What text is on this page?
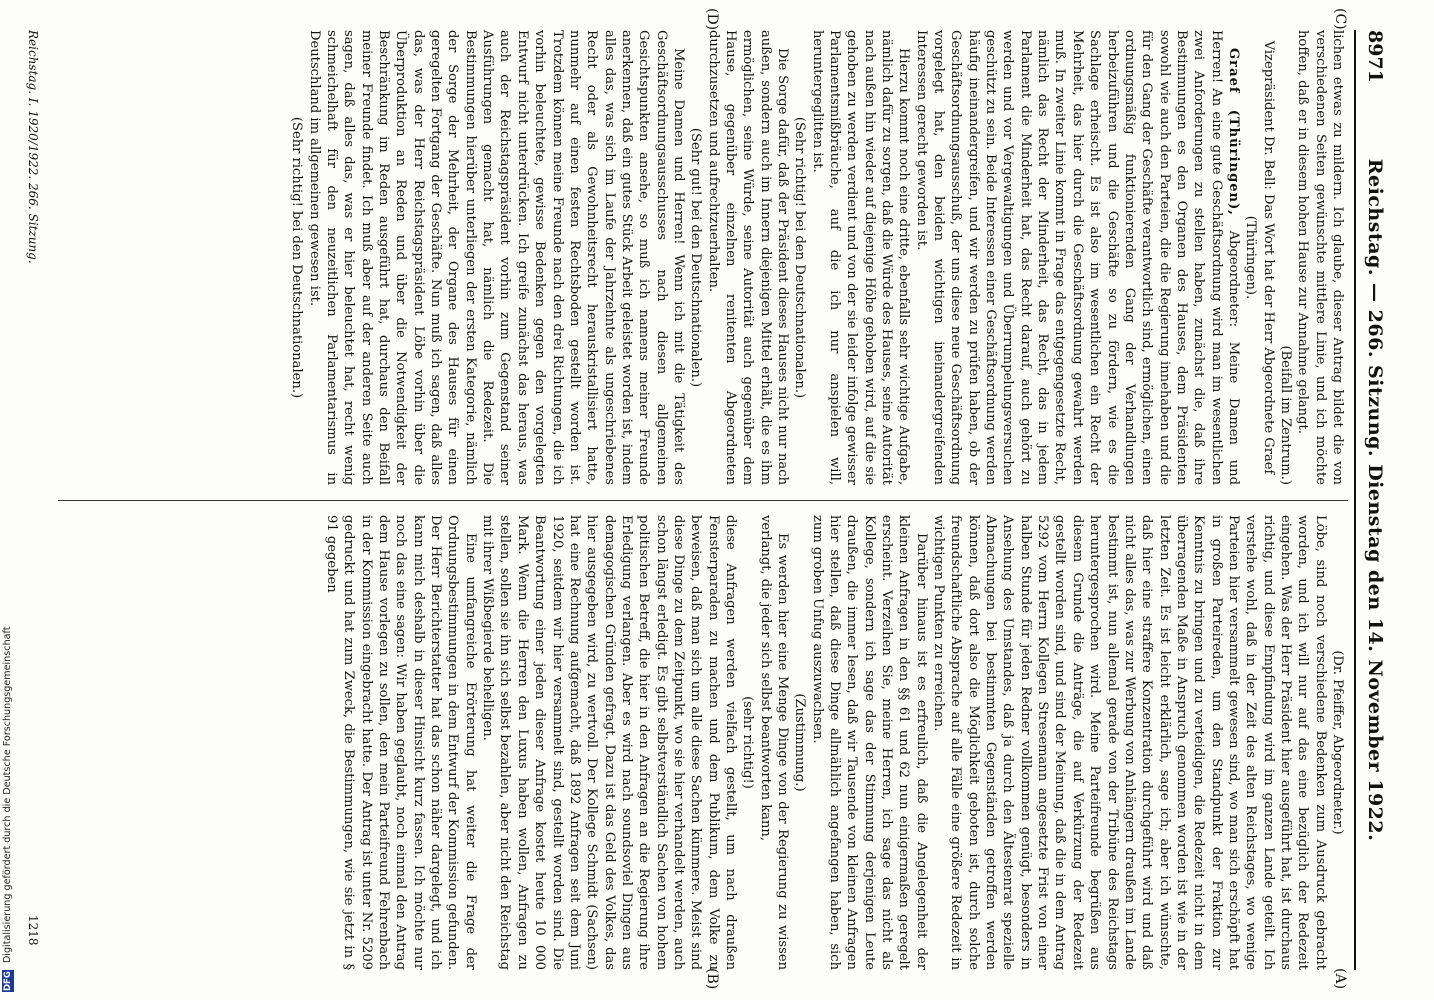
8971
Reichstag. — 266. Sitzung. Dienstag den 14. November 1922.
(C)
(A)
(D)
(B)

lichen etwas zu mildern. Ich glaube, dieser Antrag bildet die von verschiedenen Seiten gewünschte mittlere Linie, und ich möchte hoffen, daß er in diesem hohen Hause zur Annahme gelangt.

(Beifall im Zentrum.)

Vizepräsident Dr. Bell: Das Wort hat der Herr Abgeordnete Graef (Thüringen).

Graef (Thüringen), Abgeordneter: Meine Damen und Herren! An eine gute Geschäftsordnung wird man im wesentlichen zwei Anforderungen zu stellen haben, zunächst die, daß ihre Bestimmungen es den Organen des Hauses, dem Präsidenten sowohl wie auch den Parteien, die die Regierung innehaben und die für den Gang der Geschäfte verantwortlich sind, ermöglichen, einen ordnungsmäßig funktionierenden Gang der Verhandlungen herbeizuführen und die Geschäfte so zu fördern, wie es die Sachlage erheischt. Es ist also im wesentlichen ein Recht der Mehrheit, das hier durch die Geschäftsordnung gewahrt werden muß. In zweiter Linie kommt in Frage das entgegengesetzte Recht, nämlich das Recht der Minderheit, das Recht, das in jedem Parlament die Minderheit hat, das Recht darauf, auch gehört zu werden und vor Vergewaltigungen und Überrumpelungsversuchen geschützt zu sein. Beide Interessen einer Geschäftsordnung werden häufig ineinandergreifen, und wir werden zu prüfen haben, ob der Geschäftsordnungsausschuß, der uns diese neue Geschäftsordnung vorgelegt hat, den beiden wichtigen ineinandergreifenden Interessen gerecht geworden ist.

Hierzu kommt noch eine dritte, ebenfalls sehr wichtige Aufgabe, nämlich dafür zu sorgen, daß die Würde des Hauses, seine Autorität nach außen hin wieder auf diejenige Höhe gehoben wird, auf die sie gehoben zu werden verdient und von der sie leider infolge gewisser Parlamentsmißbräuche, auf die ich nur anspielen will, heruntergeglitten ist.

(Sehr richtig! bei den Deutschnationalen.)

Die Sorge dafür, daß der Präsident dieses Hauses nicht nur nach außen, sondern auch im Innern diejenigen Mittel erhält, die es ihm ermöglichen, seine Würde, seine Autorität auch gegenüber dem Hause, gegenüber einzelnen renitenten Abgeordneten durchzusetzen und aufrechtzuerhalten.

(Sehr gut! bei den Deutschnationalen.)

Meine Damen und Herren! Wenn ich mit die Tätigkeit des Geschäftsordnungsausschusses nach diesen allgemeinen Gesichtspunkten ansehe, so muß ich namens meiner Freunde anerkennen, daß ein gutes Stück Arbeit geleistet worden ist, indem alles das, was sich im Laufe der Jahrzehnte als ungeschriebenes Recht oder als Gewohnheitsrecht herauskristallisiert hatte, nunmehr auf einen festen Rechtsboden gestellt worden ist. Trotzdem können meine Freunde nach den drei Richtungen, die ich vorhin beleuchtete, gewisse Bedenken gegen den vorgelegten Entwurf nicht unterdrücken. Ich greife zunächst das heraus, was auch der Reichstagspräsident vorhin zum Gegenstand seiner Ausführungen gemacht hat, nämlich die Redezeit. Die Bestimmungen hierüber unterliegen der ersten Kategorie, nämlich der Sorge der Mehrheit, der Organe des Hauses für einen geregelten Fortgang der Geschäfte. Nun muß ich sagen, daß alles das, was der Herr Reichstagspräsident Löbe vorhin über die Überproduktion an Reden und über die Notwendigkeit der Beschränkung im Reden ausgeführt hat, durchaus den Beifall meiner Freunde findet. Ich muß aber auf der anderen Seite auch sagen, daß alles das, was er hier beleuchtet hat, recht wenig schmeichelhaft für den neuzeitlichen Parlamentarismus in Deutschland im allgemeinen gewesen ist.

(Sehr richtig! bei den Deutschnationalen.)

(Dr. Pfeiffer, Abgeordneter.)

Löbe, sind noch verschiedene Bedenken zum Ausdruck gebracht worden, und ich will nur auf das eine bezüglich der Redezeit eingehen. Was der Herr Präsident hier ausgeführt hat, ist durchaus richtig, und diese Empfindung wird im ganzen Lande geteilt. Ich verstehe wohl, daß in der Zeit des alten Reichstages, wo wenige Parteien hier versammelt gewesen sind, wo man sich erschöpft hat in großen Parteireden, um den Standpunkt der Fraktion zur Kenntnis zu bringen und zu verteidigen, die Redezeit nicht in dem überragenden Maße in Anspruch genommen worden ist wie in der letzten Zeit. Es ist leicht erklärlich, sage ich; aber ich wünschte, daß hier eine straffere Konzentration durchgeführt wird und daß nicht alles das, was zur Werbung von Anhängern draußen im Lande bestimmt ist, nun allemal gerade von der Tribüne des Reichstags heruntergesprochen wird. Meine Parteifreunde begrüßen aus diesem Grunde die Anträge, die auf Verkürzung der Redezeit gestellt worden sind, und sind der Meinung, daß die in dem Antrag 5292 vom Herrn Kollegen Stresemann angesetzte Frist von einer halben Stunde für jeden Redner vollkommen genügt, besonders in Ansehung des Umstandes, daß ja durch den Ältestenrat spezielle Abmachungen bei bestimmten Gegenständen getroffen werden können, daß dort also die Möglichkeit geboten ist, durch solche freundschaftliche Absprache auf alle Fälle eine größere Redezeit in wichtigen Punkten zu erreichen.

Darüber hinaus ist es erfreulich, daß die Angelegenheit der kleinen Anfragen in den §§ 61 und 62 nun einigermaßen geregelt erscheint. Verzeihen Sie, meine Herren, ich sage das nicht als Kollege, sondern ich sage das der Stimmung derjenigen Leute draußen, die immer lesen, daß wir Tausende von kleinen Anfragen hier stellen, daß diese Dinge allmählich angefangen haben, sich zum groben Unfug auszuwachsen.

(Zustimmung.)

Es werden hier eine Menge Dinge von der Regierung zu wissen verlangt, die jeder sich selbst beantworten kann,

(sehr richtig!)

diese Anfragen werden vielfach gestellt, um nach draußen Fensterparaden zu machen und dem Publikum, dem Volke zu beweisen, daß man sich um alle diese Sachen kümmere. Meist sind diese Dinge zu dem Zeitpunkt, wo sie hier verhandelt werden, auch schon längst erledigt. Es gibt selbstverständlich Sachen von hohem politischen Betreff, die hier in den Anfragen an die Regierung ihre Erledigung verlangen. Aber es wird nach soundsoviel Dingen aus demagogischen Gründen gefragt. Dazu ist das Geld des Volkes, das hier ausgegeben wird, zu wertvoll. Der Kollege Schmidt (Sachsen) hat eine Rechnung aufgemacht, daß 1892 Anfragen seit dem Juni 1920, seitdem wir hier versammelt sind, gestellt worden sind. Die Beantwortung einer jeden dieser Anfrage kostet heute 10 000 Mark. Wenn die Herren den Luxus haben wollen, Anfragen zu stellen, sollen sie ihn sich selbst bezahlen, aber nicht den Reichstag mit ihrer Wißbegierde behelligen.

Eine umfangreiche Erörterung hat weiter die Frage der Ordnungsbestimmungen in dem Entwurf der Kommission gefunden. Der Herr Berichterstatter hat das schon näher dargelegt, und ich kann mich deshalb in dieser Hinsicht kurz fassen. Ich möchte nur noch das eine sagen: Wir haben geglaubt, noch einmal den Antrag dem Hause vorlegen zu sollen, den mein Parteifreund Fehrenbach in der Kommission eingebracht hatte. Der Antrag ist unter Nr. 5209 gedruckt und hat zum Zweck, die Bestimmungen, wie sie jetzt in § 91 gegeben

Reichstag. I. 1920/1922. 266. Sitzung.
1218
DFG Digitalisierung gefördert durch die Deutsche Forschungsgemeinschaft
